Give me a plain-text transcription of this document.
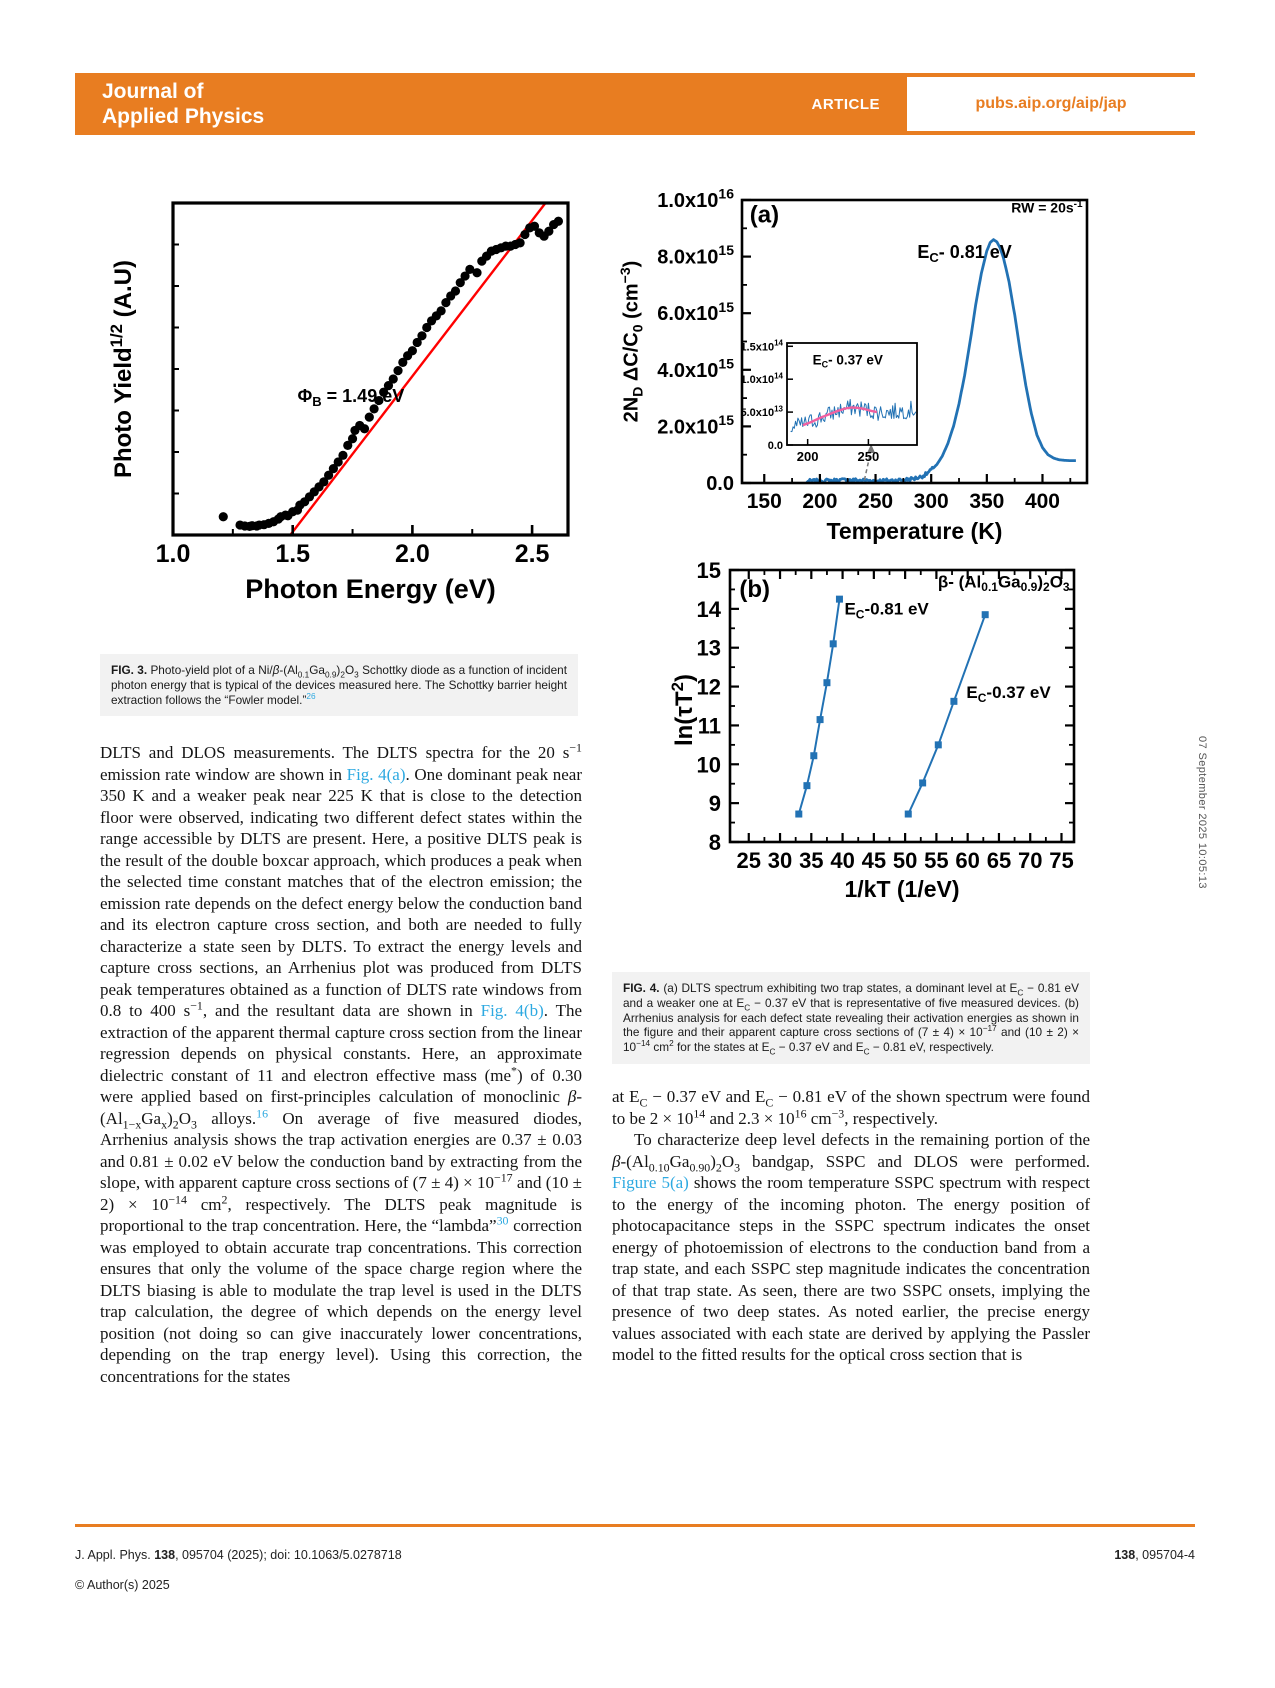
Journal of
Applied Physics
ARTICLE	pubs.aip.org/aip/jap
1.0	1.5	2.0	2.5
$\Phi_B = 1.49$ eV
Photon Energy (eV)
Photo Yield$^{1/2}$ (A.U)
FIG. 3. Photo-yield plot of a $Ni/\beta-(Al_{0.1}Ga_{0.9})_2O_3$ Schottky diode as a function of incident photon energy that is typical of the devices measured here. The Schottky barrier height extraction follows the “Fowler model.”$^{26}$
150 200 250 300 350 400
0.0
$2.0x10^{15}$
$4.0x10^{15}$
$6.0x10^{15}$
$8.0x10^{15}$
$1.0x10^{16}$
(a)	RW = $20s^{-1}$
$E_C-$ 0.81 eV
200	250
0.0
$5.0x10^{13}$
$1.0x10^{14}$
$1.5x10^{14}$
$E_C-$ 0.37 eV
Temperature (K)
$2N_D$ $\Delta C/C_0$ $(cm^{-3})$
25 30 35 40 45 50 55 60 65 70 75
8
9
10
11
12
13
14
15
(b)	β- $(Al_{0.1}Ga_{0.9})_2O_3$
$E_C-0.81$ eV
$E_C-0.37$ eV
1/kT (1/eV)
$\ln(\tau T^2)$
FIG. 4. (a) DLTS spectrum exhibiting two trap states, a dominant level at $E_C - 0.81$ eV and a weaker one at $E_C - 0.37$ eV that is representative of five measured devices. (b) Arrhenius analysis for each defect state revealing their activation energies as shown in the figure and their apparent capture cross sections of $(7 \pm 4) \times 10^{-17}$ and $(10 \pm 2) \times 10^{-14}$ $cm^2$ for the states at $E_C - 0.37$ eV and $E_C - 0.81$ eV, respectively.

DLTS and DLOS measurements. The DLTS spectra for the 20 $s^{-1}$ emission rate window are shown in Fig. 4(a). One dominant peak near 350 K and a weaker peak near 225 K that is close to the detection floor were observed, indicating two different defect states within the range accessible by DLTS are present. Here, a positive DLTS peak is the result of the double boxcar approach, which produces a peak when the selected time constant matches that of the electron emission; the emission rate depends on the defect energy below the conduction band and its electron capture cross section, and both are needed to fully characterize a state seen by DLTS. To extract the energy levels and capture cross sections, an Arrhenius plot was produced from DLTS peak temperatures obtained as a function of DLTS rate windows from 0.8 to 400 $s^{-1}$, and the resultant data are shown in Fig. 4(b). The extraction of the apparent thermal capture cross section from the linear regression depends on physical constants. Here, an approximate dielectric constant of 11 and electron effective mass (me*) of 0.30 were applied based on first-principles calculation of monoclinic $\beta-(Al_{1-x}Ga_x)_2O_3$ alloys.$^{16}$ On average of five measured diodes, Arrhenius analysis shows the trap activation energies are 0.37 ± 0.03 and 0.81 ± 0.02 eV below the conduction band by extracting from the slope, with apparent capture cross sections of $(7 \pm 4) \times 10^{-17}$ and $(10 \pm 2) \times 10^{-14}$ $cm^2$, respectively. The DLTS peak magnitude is proportional to the trap concentration. Here, the “lambda”$^{30}$ correction was employed to obtain accurate trap concentrations. This correction ensures that only the volume of the space charge region where the DLTS biasing is able to modulate the trap level is used in the DLTS trap calculation, the degree of which depends on the energy level position (not doing so can give inaccurately lower concentrations, depending on the trap energy level). Using this correction, the concentrations for the states

at $E_C - 0.37$ eV and $E_C - 0.81$ eV of the shown spectrum were found to be $2 \times 10^{14}$ and $2.3 \times 10^{16}$ $cm^{-3}$, respectively.

To characterize deep level defects in the remaining portion of the $\beta-(Al_{0.10}Ga_{0.90})_2O_3$ bandgap, SSPC and DLOS were performed. Figure 5(a) shows the room temperature SSPC spectrum with respect to the energy of the incoming photon. The energy position of photocapacitance steps in the SSPC spectrum indicates the onset energy of photoemission of electrons to the conduction band from a trap state, and each SSPC step magnitude indicates the concentration of that trap state. As seen, there are two SSPC onsets, implying the presence of two deep states. As noted earlier, the precise energy values associated with each state are derived by applying the Passler model to the fitted results for the optical cross section that is

07 September 2025 10:05:13
J. Appl. Phys. 138, 095704 (2025); doi: 10.1063/5.0278718	138, 095704-4
© Author(s) 2025
